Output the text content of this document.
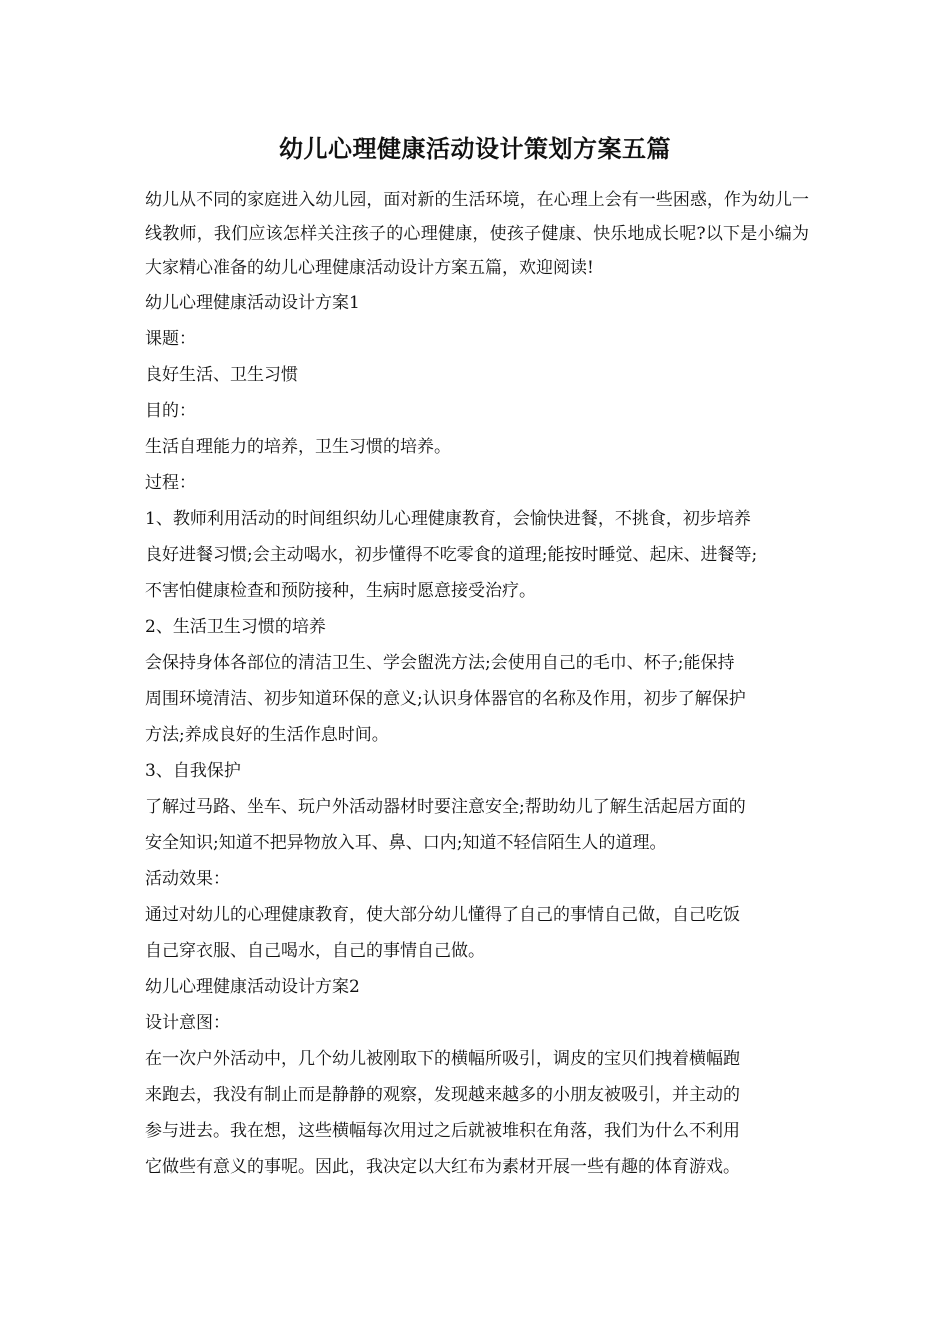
幼儿心理健康活动设计策划方案五篇

幼儿从不同的家庭进入幼儿园，面对新的生活环境，在心理上会有一些困惑，作为幼儿一线教师，我们应该怎样关注孩子的心理健康，使孩子健康、快乐地成长呢?以下是小编为大家精心准备的幼儿心理健康活动设计方案五篇，欢迎阅读!

幼儿心理健康活动设计方案1
课题：
良好生活、卫生习惯
目的：
生活自理能力的培养，卫生习惯的培养。
过程：
1、教师利用活动的时间组织幼儿心理健康教育，会愉快进餐，不挑食，初步培养
良好进餐习惯;会主动喝水，初步懂得不吃零食的道理;能按时睡觉、起床、进餐等;
不害怕健康检查和预防接种，生病时愿意接受治疗。
2、生活卫生习惯的培养
会保持身体各部位的清洁卫生、学会盥洗方法;会使用自己的毛巾、杯子;能保持
周围环境清洁、初步知道环保的意义;认识身体器官的名称及作用，初步了解保护
方法;养成良好的生活作息时间。
3、自我保护
了解过马路、坐车、玩户外活动器材时要注意安全;帮助幼儿了解生活起居方面的
安全知识;知道不把异物放入耳、鼻、口内;知道不轻信陌生人的道理。
活动效果：
通过对幼儿的心理健康教育，使大部分幼儿懂得了自己的事情自己做，自己吃饭
自己穿衣服、自己喝水，自己的事情自己做。
幼儿心理健康活动设计方案2
设计意图：
在一次户外活动中，几个幼儿被刚取下的横幅所吸引，调皮的宝贝们拽着横幅跑
来跑去，我没有制止而是静静的观察，发现越来越多的小朋友被吸引，并主动的
参与进去。我在想，这些横幅每次用过之后就被堆积在角落，我们为什么不利用
它做些有意义的事呢。因此，我决定以大红布为素材开展一些有趣的体育游戏。
